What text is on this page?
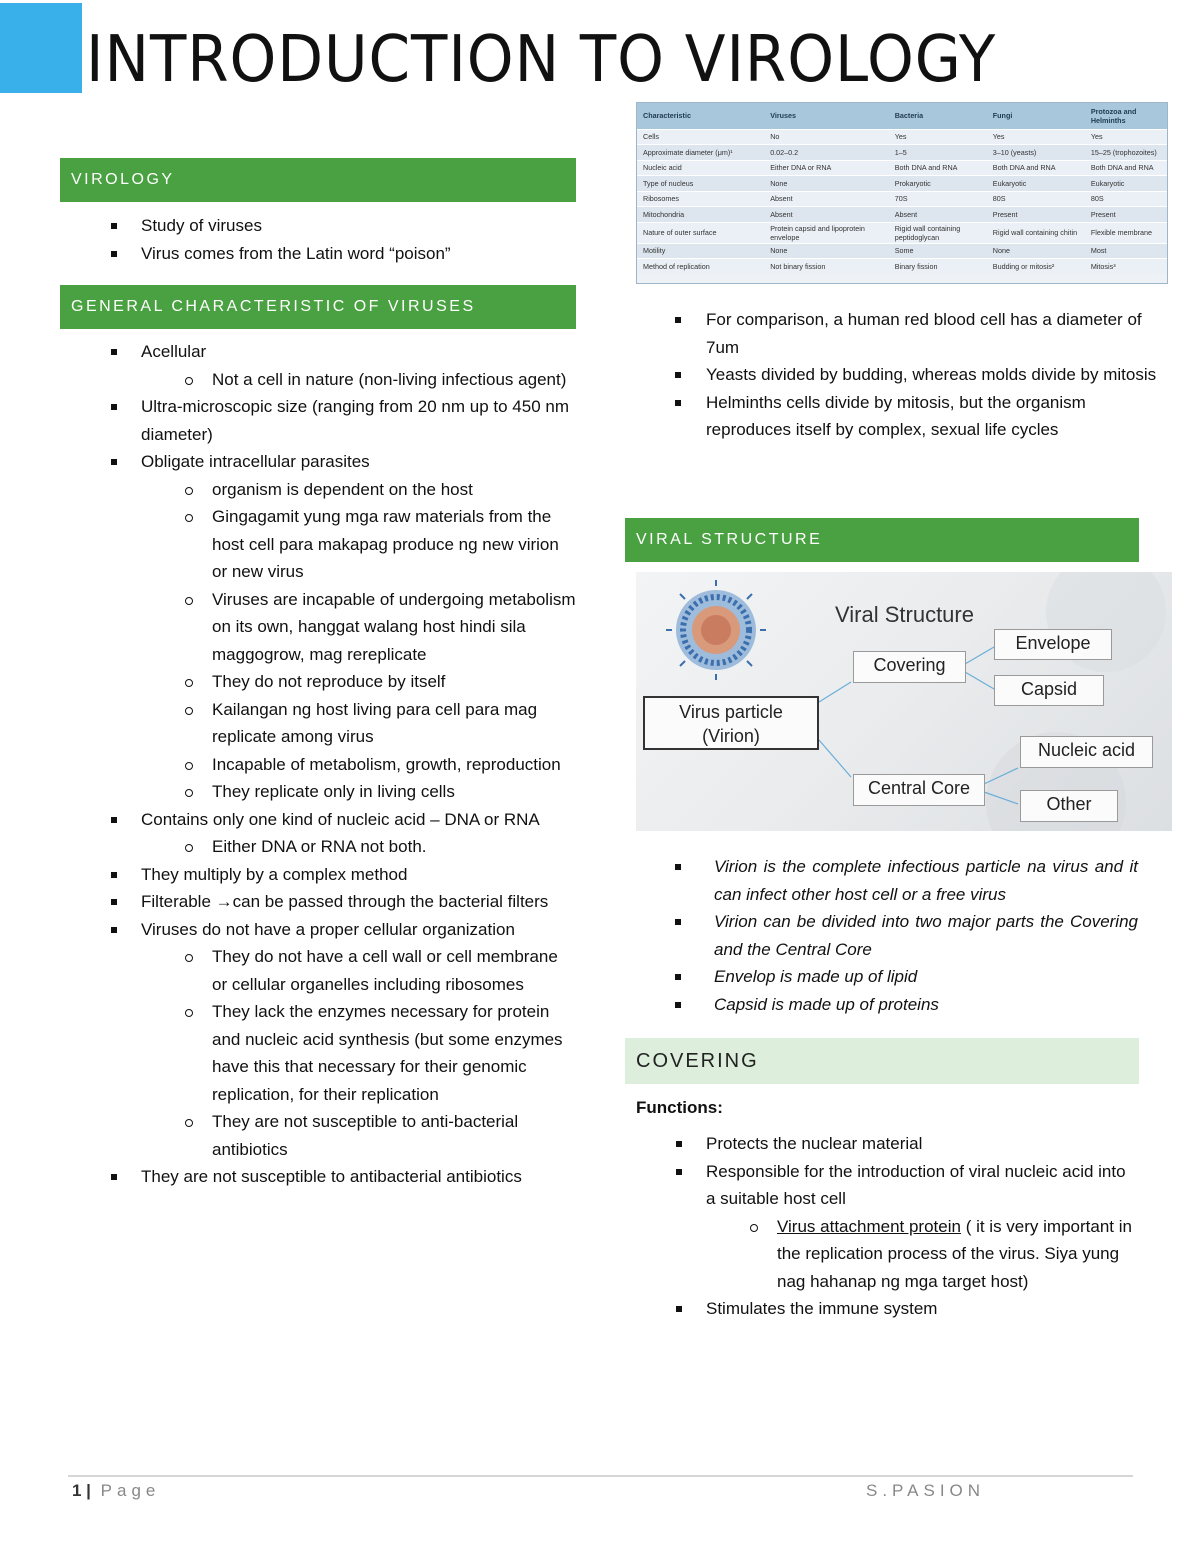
INTRODUCTION TO VIROLOGY
VIROLOGY
Study of viruses
Virus comes from the Latin word “poison”
GENERAL CHARACTERISTIC OF VIRUSES
Acellular
Not a cell in nature (non-living infectious agent)
Ultra-microscopic size (ranging from 20 nm up to 450 nm diameter)
Obligate intracellular parasites
organism is dependent on the host
Gingagamit yung mga raw materials from the host cell para makapag produce ng new virion or new virus
Viruses are incapable of undergoing metabolism on its own, hanggat walang host hindi sila maggogrow, mag rereplicate
They do not reproduce by itself
Kailangan ng host living para cell para mag replicate among virus
Incapable of metabolism, growth, reproduction
They replicate only in living cells
Contains only one kind of nucleic acid – DNA or RNA
Either DNA or RNA not both.
They multiply by a complex method
Filterable →can be passed through the bacterial filters
Viruses do not have a proper cellular organization
They do not have a cell wall or cell membrane or cellular organelles including ribosomes
They lack the enzymes necessary for protein and nucleic acid synthesis (but some enzymes have this that necessary for their genomic replication, for their replication
They are not susceptible to anti-bacterial antibiotics
They are not susceptible to antibacterial antibiotics
Characteristic	Viruses	Bacteria	Fungi	Protozoa and Helminths
Cells	No	Yes	Yes	Yes
Approximate diameter (μm)¹	0.02–0.2	1–5	3–10 (yeasts)	15–25 (trophozoites)
Nucleic acid	Either DNA or RNA	Both DNA and RNA	Both DNA and RNA	Both DNA and RNA
Type of nucleus	None	Prokaryotic	Eukaryotic	Eukaryotic
Ribosomes	Absent	70S	80S	80S
Mitochondria	Absent	Absent	Present	Present
Nature of outer surface	Protein capsid and lipoprotein envelope	Rigid wall containing peptidoglycan	Rigid wall containing chitin	Flexible membrane
Motility	None	Some	None	Most
Method of replication	Not binary fission	Binary fission	Budding or mitosis²	Mitosis³
For comparison, a human red blood cell has a diameter of 7um
Yeasts divided by budding, whereas molds divide by mitosis
Helminths cells divide by mitosis, but the organism reproduces itself by complex, sexual life cycles
VIRAL STRUCTURE
Viral Structure
Virus particle
(Virion)
Covering
Envelope
Capsid
Central Core
Nucleic acid
Other
Virion is the complete infectious particle na virus and it can infect other host cell or a free virus
Virion can be divided into two major parts the Covering and the Central Core
Envelop is made up of lipid
Capsid is made up of proteins
COVERING
Functions:
Protects the nuclear material
Responsible for the introduction of viral nucleic acid into a suitable host cell
Virus attachment protein ( it is very important in the replication process of the virus. Siya yung nag hahanap ng mga target host)
Stimulates the immune system
1 | Page	S.PASION
